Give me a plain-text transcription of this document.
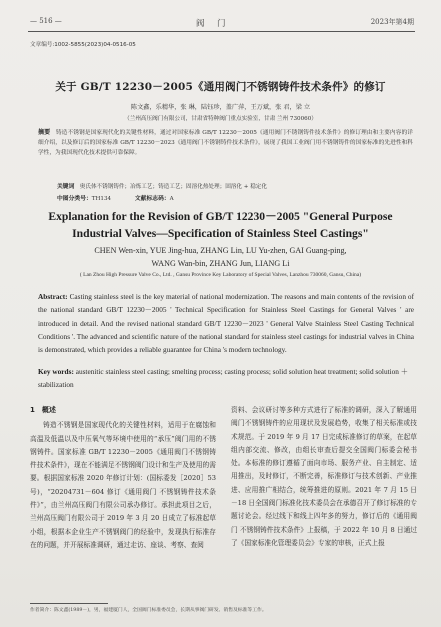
— 516 —	阀　门	2023年第4期
文章编号:1002-5855(2023)04-0516-05
关于 GB/T 12230－2005《通用阀门不锈钢铸件技术条件》的修订
陈文鑫，乐精华，张 琳，陆钰珍，盖广萍，王万斌，张 君，梁 立
（兰州高压阀门有限公司，甘肃省特种阀门重点实验室，甘肃 兰州 730060）
摘要 铸造不锈钢是国家现代化的关键性材料，通过对国家标准 GB/T 12230－2005《通用阀门不锈钢铸件技术条件》的修订理由和主要内容的详细介绍，以及修订后的国家标准 GB/T 12230－2023《通用阀门不锈钢铸件技术条件》，展现了我国工业阀门用不锈钢铸件的国家标准的先进性和科学性，为我国现代化技术提供可靠保障。
关键词 奥氏体不锈钢铸件；冶炼工艺；铸造工艺；固溶化热处理；固溶化 + 稳定化
中图分类号：TH134	文献标志码：A
Explanation for the Revision of GB/T 12230－2005 "General Purpose
Industrial Valves—Specification of Stainless Steel Castings"
CHEN Wen-xin, YUE Jing-hua, ZHANG Lin, LU Yu-zhen, GAI Guang-ping,
WANG Wan-bin, ZHANG Jun, LIANG Li
( Lan Zhou High Pressure Valve Co., Ltd. , Gansu Province Key Laboratory of Special Valves, Lanzhou 730060, Gansu, China)
Abstract: Casting stainless steel is the key material of national modernization. The reasons and main contents of the revision of the national standard GB/T 12230－2005 ' Technical Specification for Stainless Steel Castings for General Valves ' are introduced in detail. And the revised national standard GB/T 12230－2023 ' General Valve Stainless Steel Casting Technical Conditions '. The advanced and scientific nature of the national standard for stainless steel castings for industrial valves in China is demonstrated, which provides a reliable guarantee for China 's modern technology.
Key words: austenitic stainless steel casting; smelting process; casting process; solid solution heat treatment; solid solution ＋ stabilization

1　概述

铸造不锈钢是国家现代化的关键性材料，适用于在腐蚀和高温及低温以及中压氧气等环境中使用的“承压”阀门用的不锈钢铸件。国家标准 GB/T 12230－2005《通用阀门不锈钢铸件技术条件》，现在不能满足不锈钢阀门设计和生产及使用的需要。根据国家标准 2020 年修订计划：(国标委发［2020］53 号)，“20204731－604 修订《通用阀门 不锈钢铸件技术条件》”，由兰州高压阀门有限公司承办修订。承担此项目之后，兰州高压阀门有限公司于 2019 年 3 月 20 日成立了标准起草小组，根据本企业生产不锈钢阀门的经验中，发现执行标准存在的问题，并开展标准调研，通过走访、座谈、考察、查阅

资料、会议研讨等多种方式进行了标准的调研，深入了解通用阀门不锈钢铸件的应用现状及发展趋势，收集了相关标准或技术规范。于 2019 年 9 月 17 日完成标准修订的草案，在起草组内部交流、修改，由组长审查后提交全国阀门标委会秘书处。本标准的修订遵循了面向市场、服务产业、自主制定、适用推出，及时修订，不断完善，标准修订与技术创新、产业推进、应用推广相结合，统筹推进的原则。2021 年 7 月 15 日－18 日全国阀门标准化技术委员会在承德召开了修订标准的专题讨论会。经过线下和线上四年多的努力，修订后的《通用阀门 不锈钢铸件技术条件》上报稿，于 2022 年 10 月 8 日通过了《国家标准化管理委员会》专家的审核，正式上报

作者简介：陈文鑫(1989－)，男，福建厦门人，全国阀门标准委员会，长期从事阀门研发、销售及标准等工作。
